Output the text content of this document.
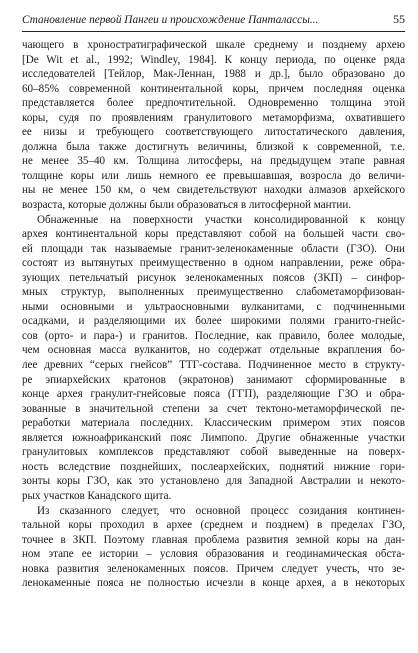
Становление первой Пангеи и происхождение Панталассы...	55
чающего в хроностратиграфической шкале среднему и позднему архею
[De Wit et al., 1992; Windley, 1984]. К концу периода, по оценке ряда
исследователей [Тейлор, Мак-Леннан, 1988 и др.], было образовано до
60–85% современной континентальной коры, причем последняя оценка
представляется более предпочтительной. Одновременно толщина этой
коры, судя по проявлениям гранулитового метаморфизма, охватившего
ее низы и требующего соответствующего литостатического давления,
должна была также достигнуть величины, близкой к современной, т.е.
не менее 35–40 км. Толщина литосферы, на предыдущем этапе равная
толщине коры или лишь немного ее превышавшая, возросла до величи-
ны не менее 150 км, о чем свидетельствуют находки алмазов архейского
возраста, которые должны были образоваться в литосферной мантии.
Обнаженные на поверхности участки консолидированной к концу
архея континентальной коры представляют собой на большей части сво-
ей площади так называемые гранит-зеленокаменные области (ГЗО). Они
состоят из вытянутых преимущественно в одном направлении, реже обра-
зующих петельчатый рисунок зеленокаменных поясов (ЗКП) – синфор-
мных структур, выполненных преимущественно слабометаморфизован-
ными основными и ультраосновными вулканитами, с подчиненными
осадками, и разделяющими их более широкими полями гранито-гнейс-
сов (орто- и пара-) и гранитов. Последние, как правило, более молодые,
чем основная масса вулканитов, но содержат отдельные вкрапления бо-
лее древних “серых гнейсов” ТТГ-состава. Подчиненное место в структу-
ре эпиархейских кратонов (экратонов) занимают сформированные в
конце архея гранулит-гнейсовые пояса (ГГП), разделяющие ГЗО и обра-
зованные в значительной степени за счет тектоно-метаморфической пе-
реработки материала последних. Классическим примером этих поясов
является южноафриканский пояс Лимпопо. Другие обнаженные участки
гранулитовых комплексов представляют собой выведенные на поверх-
ность вследствие позднейших, послеархейских, поднятий нижние гори-
зонты коры ГЗО, как это установлено для Западной Австралии и некото-
рых участков Канадского щита.
Из сказанного следует, что основной процесс созидания континен-
тальной коры проходил в архее (среднем и позднем) в пределах ГЗО,
точнее в ЗКП. Поэтому главная проблема развития земной коры на дан-
ном этапе ее истории – условия образования и геодинамическая обста-
новка развития зеленокаменных поясов. Причем следует учесть, что зе-
ленокаменные пояса не полностью исчезли в конце архея, а в некоторых
